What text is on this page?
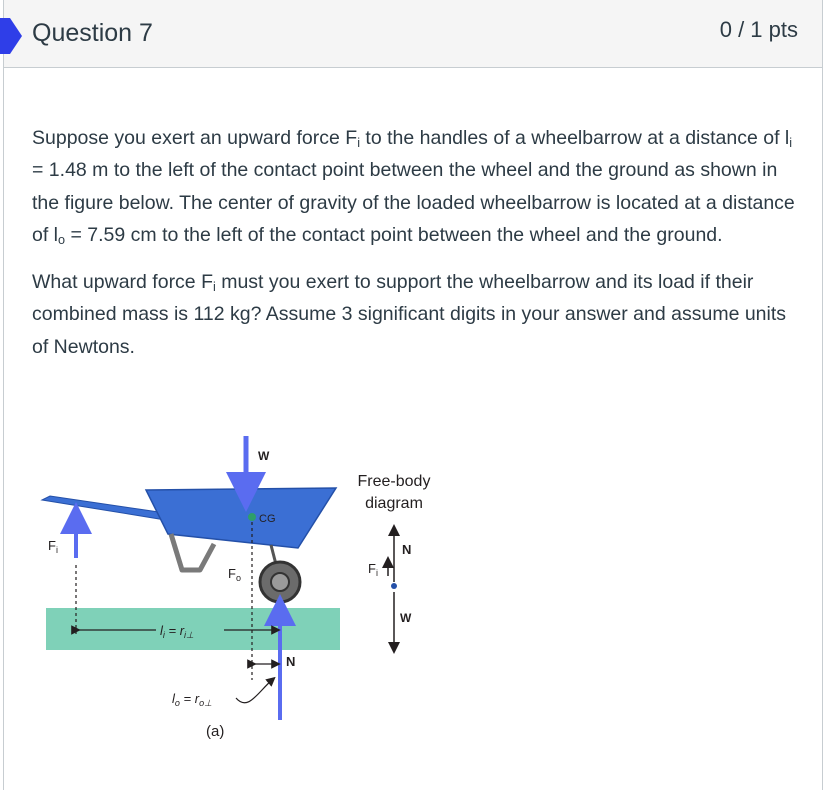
Question 7	0 / 1 pts

Suppose you exert an upward force $F_i$ to the handles of a wheelbarrow at a distance of $l_i = 1.48$ m to the left of the contact point between the wheel and the ground as shown in the figure below. The center of gravity of the loaded wheelbarrow is located at a distance of $l_o = 7.59$ cm to the left of the contact point between the wheel and the ground.

What upward force $F_i$ must you exert to support the wheelbarrow and its load if their combined mass is 112 kg? Assume 3 significant digits in your answer and assume units of Newtons.

CG
W
$F_i$
$F_o$
N
$l_i = r_{i\perp}$
$l_o = r_{o\perp}$
(a)
Free-body
diagram
N
$F_i$
W
